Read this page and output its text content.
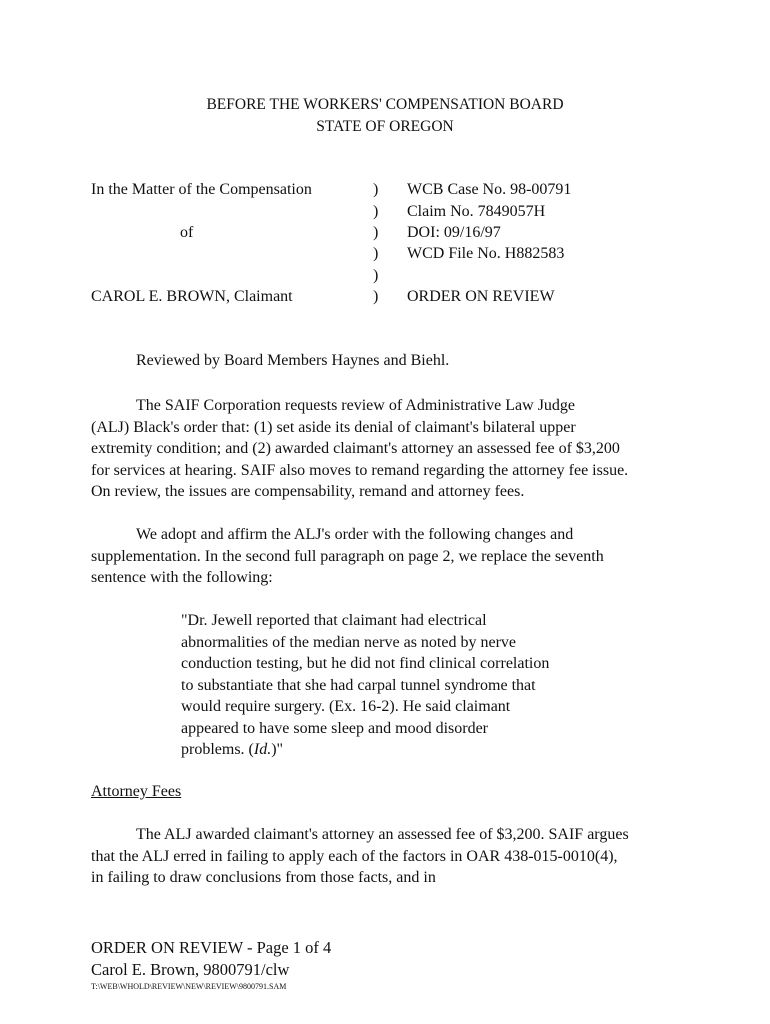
BEFORE THE WORKERS' COMPENSATION BOARD
STATE OF OREGON
In the Matter of the Compensation
of
CAROL E. BROWN, Claimant
)
)
)
)
)
)
WCB Case No. 98-00791
Claim No. 7849057H
DOI: 09/16/97
WCD File No. H882583
ORDER ON REVIEW
Reviewed by Board Members Haynes and Biehl.
The SAIF Corporation requests review of Administrative Law Judge
(ALJ) Black's order that: (1) set aside its denial of claimant's bilateral upper
extremity condition; and (2) awarded claimant's attorney an assessed fee of $3,200
for services at hearing. SAIF also moves to remand regarding the attorney fee issue.
On review, the issues are compensability, remand and attorney fees.
We adopt and affirm the ALJ's order with the following changes and
supplementation. In the second full paragraph on page 2, we replace the seventh
sentence with the following:
"Dr. Jewell reported that claimant had electrical
abnormalities of the median nerve as noted by nerve
conduction testing, but he did not find clinical correlation
to substantiate that she had carpal tunnel syndrome that
would require surgery. (Ex. 16-2). He said claimant
appeared to have some sleep and mood disorder
problems. (Id.)"
Attorney Fees
The ALJ awarded claimant's attorney an assessed fee of $3,200. SAIF argues
that the ALJ erred in failing to apply each of the factors in OAR 438-015-0010(4),
in failing to draw conclusions from those facts, and in
ORDER ON REVIEW - Page 1 of 4
Carol E. Brown, 9800791/clw
T:\WEB\WHOLD\REVIEW\NEW\REVIEW\9800791.SAM
